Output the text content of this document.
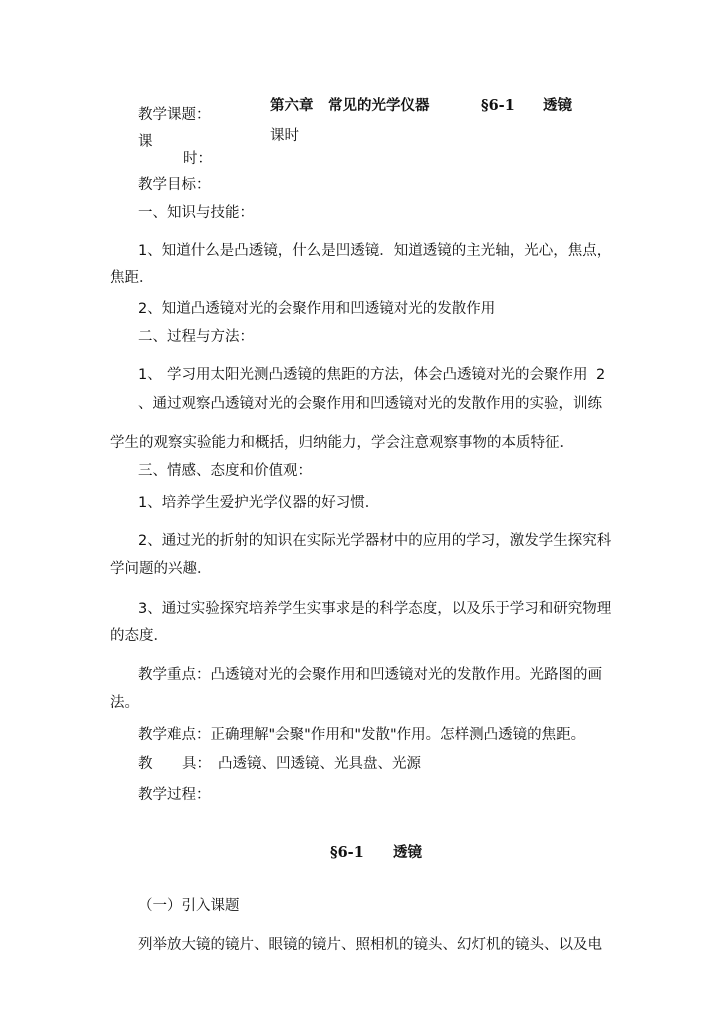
教学课题：
第六章 常见的光学仪器	§6-1 透镜
课	课时
时：
教学目标：
一、知识与技能：
1、知道什么是凸透镜，什么是凹透镜．知道透镜的主光轴，光心，焦点，
焦距．
2、知道凸透镜对光的会聚作用和凹透镜对光的发散作用
二、过程与方法：
1、 学习用太阳光测凸透镜的焦距的方法，体会凸透镜对光的会聚作用 2
、通过观察凸透镜对光的会聚作用和凹透镜对光的发散作用的实验，训练
学生的观察实验能力和概括，归纳能力，学会注意观察事物的本质特征．
三、情感、态度和价值观：
1、培养学生爱护光学仪器的好习惯．
2、通过光的折射的知识在实际光学器材中的应用的学习，激发学生探究科
学问题的兴趣．
3、通过实验探究培养学生实事求是的科学态度，以及乐于学习和研究物理
的态度．
教学重点：凸透镜对光的会聚作用和凹透镜对光的发散作用。光路图的画
法。
教学难点：正确理解"会聚"作用和"发散"作用。怎样测凸透镜的焦距。
教 具： 凸透镜、凹透镜、光具盘、光源
教学过程：
§6-1 透镜
（一）引入课题
列举放大镜的镜片、眼镜的镜片、照相机的镜头、幻灯机的镜头、以及电
